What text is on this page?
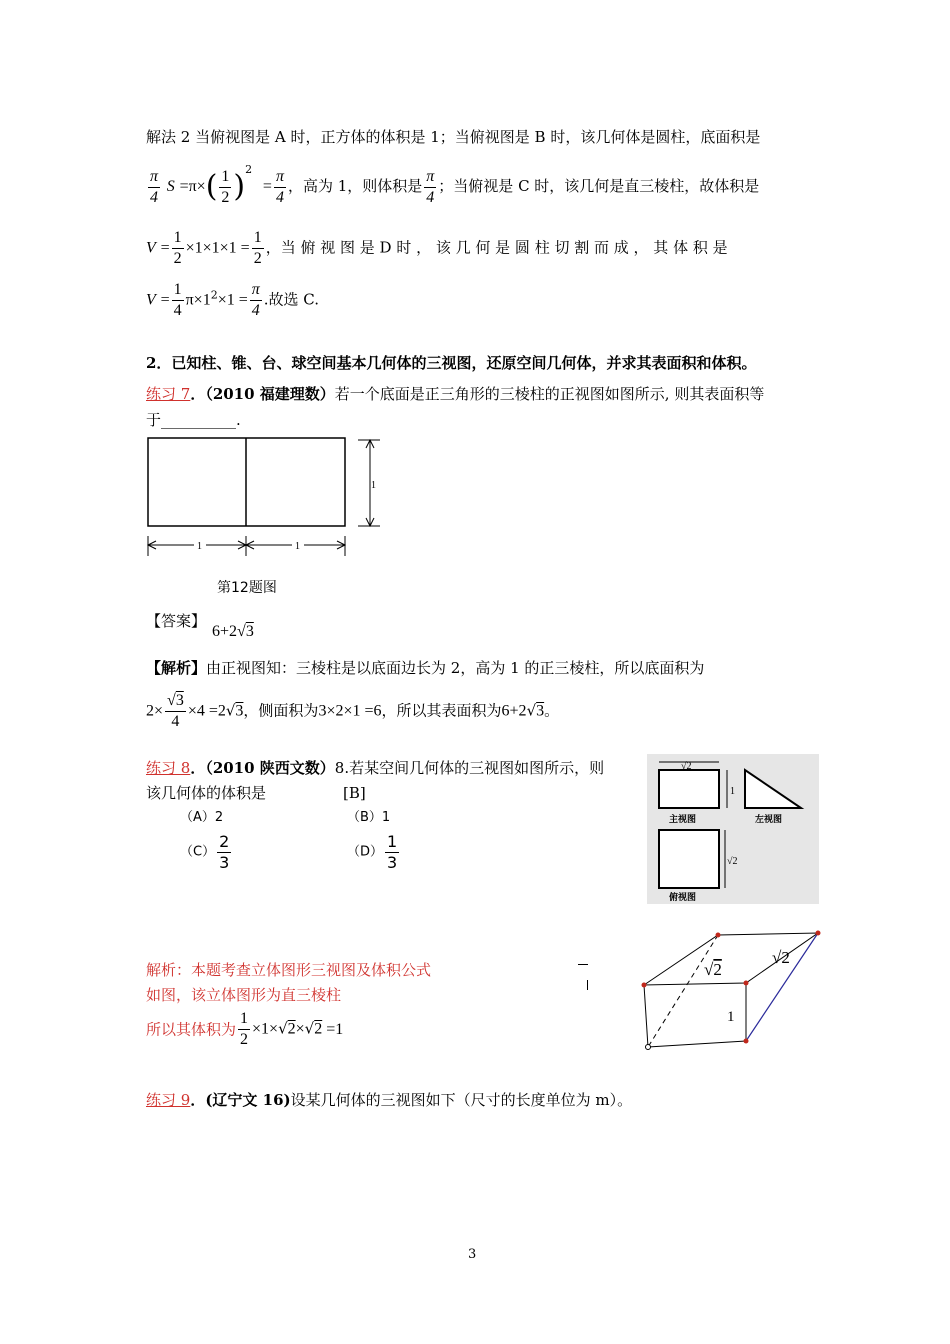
解法 2 当俯视图是 A 时，正方体的体积是 1；当俯视图是 B 时，该几何体是圆柱，底面积是
$\frac{\pi}{4}$ $S =\pi\times( \frac{1}{2} )^2 = \frac{\pi}{4}$ ，高为 1，则体积是 $\frac{\pi}{4}$ ；当俯视是 C 时，该几何是直三棱柱，故体积是
$V = \frac{1}{2} \times 1\times 1\times 1 = \frac{1}{2}$ ，当 俯 视 图 是 D 时 ， 该 几 何 是 圆 柱 切 割 而 成 ， 其 体 积 是
$V = \frac{1}{4} \pi\times 1^2\times 1 = \frac{\pi}{4}$ .故选 C.
2．已知柱、锥、台、球空间基本几何体的三视图，还原空间几何体，并求其表面积和体积。
练习 7．（2010 福建理数）若一个底面是正三角形的三棱柱的正视图如图所示, 则其表面积等
于__________.
1
1	1
第12题图
【答案】
6+2√3
【解析】由正视图知：三棱柱是以底面边长为 2，高为 1 的正三棱柱，所以底面积为
$2\times \frac{√3}{4} \times 4 =2√3$，侧面积为3×2×1 =6，所以其表面积为6+2√3。
练习 8．（2010 陕西文数）8.若某空间几何体的三视图如图所示，则
该几何体的体积是	[B]
（A）2	（B）1
$(C) \frac{2}{3}$	$(D) \frac{1}{3}$
√2
1
主视图	左视图
√2
俯视图
解析：本题考查立体图形三视图及体积公式
如图，该立体图形为直三棱柱
所以其体积为 $\frac{1}{2} \times 1\times√2\times√2 =1$
√2
√2
1
练习 9．(辽宁文 16)设某几何体的三视图如下（尺寸的长度单位为 m）。
3
